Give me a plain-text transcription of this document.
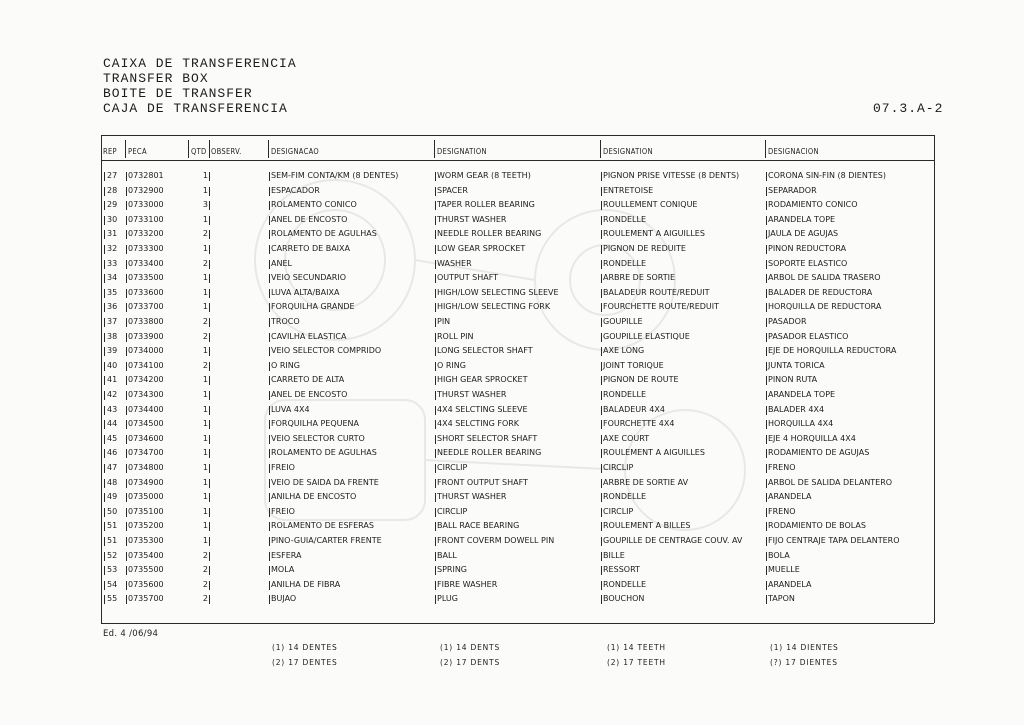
CAIXA DE TRANSFERENCIA
TRANSFER BOX
BOITE DE TRANSFER
CAJA DE TRANSFERENCIA	07.3.A-2
REP PECA	QTD OBSERV.	DESIGNACAO	DESIGNATION	DESIGNATION	DESIGNACION
27 0732801	1	SEM-FIM CONTA/KM (8 DENTES)	WORM GEAR (8 TEETH)	PIGNON PRISE VITESSE (8 DENTS)	CORONA SIN-FIN (8 DIENTES)
28 0732900	1	ESPACADOR	SPACER	ENTRETOISE	SEPARADOR
29 0733000	3	ROLAMENTO CONICO	TAPER ROLLER BEARING	ROULLEMENT CONIQUE	RODAMIENTO CONICO
30 0733100	1	ANEL DE ENCOSTO	THURST WASHER	RONDELLE	ARANDELA TOPE
31 0733200	2	ROLAMENTO DE AGULHAS	NEEDLE ROLLER BEARING	ROULEMENT A AIGUILLES	JAULA DE AGUJAS
32 0733300	1	CARRETO DE BAIXA	LOW GEAR SPROCKET	PIGNON DE REDUITE	PINON REDUCTORA
33 0733400	2	ANEL	WASHER	RONDELLE	SOPORTE ELASTICO
34 0733500	1	VEIO SECUNDARIO	OUTPUT SHAFT	ARBRE DE SORTIE	ARBOL DE SALIDA TRASERO
35 0733600	1	LUVA ALTA/BAIXA	HIGH/LOW SELECTING SLEEVE	BALADEUR ROUTE/REDUIT	BALADER DE REDUCTORA
36 0733700	1	FORQUILHA GRANDE	HIGH/LOW SELECTING FORK	FOURCHETTE ROUTE/REDUIT	HORQUILLA DE REDUCTORA
37 0733800	2	TROCO	PIN	GOUPILLE	PASADOR
38 0733900	2	CAVILHA ELASTICA	ROLL PIN	GOUPILLE ELASTIQUE	PASADOR ELASTICO
39 0734000	1	VEIO SELECTOR COMPRIDO	LONG SELECTOR SHAFT	AXE LONG	EJE DE HORQUILLA REDUCTORA
40 0734100	2	O RING	O RING	JOINT TORIQUE	JUNTA TORICA
41 0734200	1	CARRETO DE ALTA	HIGH GEAR SPROCKET	PIGNON DE ROUTE	PINON RUTA
42 0734300	1	ANEL DE ENCOSTO	THURST WASHER	RONDELLE	ARANDELA TOPE
43 0734400	1	LUVA 4X4	4X4 SELCTING SLEEVE	BALADEUR 4X4	BALADER 4X4
44 0734500	1	FORQUILHA PEQUENA	4X4 SELCTING FORK	FOURCHETTE 4X4	HORQUILLA 4X4
45 0734600	1	VEIO SELECTOR CURTO	SHORT SELECTOR SHAFT	AXE COURT	EJE 4 HORQUILLA 4X4
46 0734700	1	ROLAMENTO DE AGULHAS	NEEDLE ROLLER BEARING	ROULEMENT A AIGUILLES	RODAMIENTO DE AGUJAS
47 0734800	1	FREIO	CIRCLIP	CIRCLIP	FRENO
48 0734900	1	VEIO DE SAIDA DA FRENTE	FRONT OUTPUT SHAFT	ARBRE DE SORTIE AV	ARBOL DE SALIDA DELANTERO
49 0735000	1	ANILHA DE ENCOSTO	THURST WASHER	RONDELLE	ARANDELA
50 0735100	1	FREIO	CIRCLIP	CIRCLIP	FRENO
51 0735200	1	ROLAMENTO DE ESFERAS	BALL RACE BEARING	ROULEMENT A BILLES	RODAMIENTO DE BOLAS
51 0735300	1	PINO-GUIA/CARTER FRENTE	FRONT COVERM DOWELL PIN	GOUPILLE DE CENTRAGE COUV. AV	FIJO CENTRAJE TAPA DELANTERO
52 0735400	2	ESFERA	BALL	BILLE	BOLA
53 0735500	2	MOLA	SPRING	RESSORT	MUELLE
54 0735600	2	ANILHA DE FIBRA	FIBRE WASHER	RONDELLE	ARANDELA
55 0735700	2	BUJAO	PLUG	BOUCHON	TAPON
Ed. 4 /06/94
(1) 14 DENTES
(2) 17 DENTES
(1) 14 DENTS
(2) 17 DENTS
(1) 14 TEETH
(2) 17 TEETH
(1) 14 DIENTES
(?) 17 DIENTES
